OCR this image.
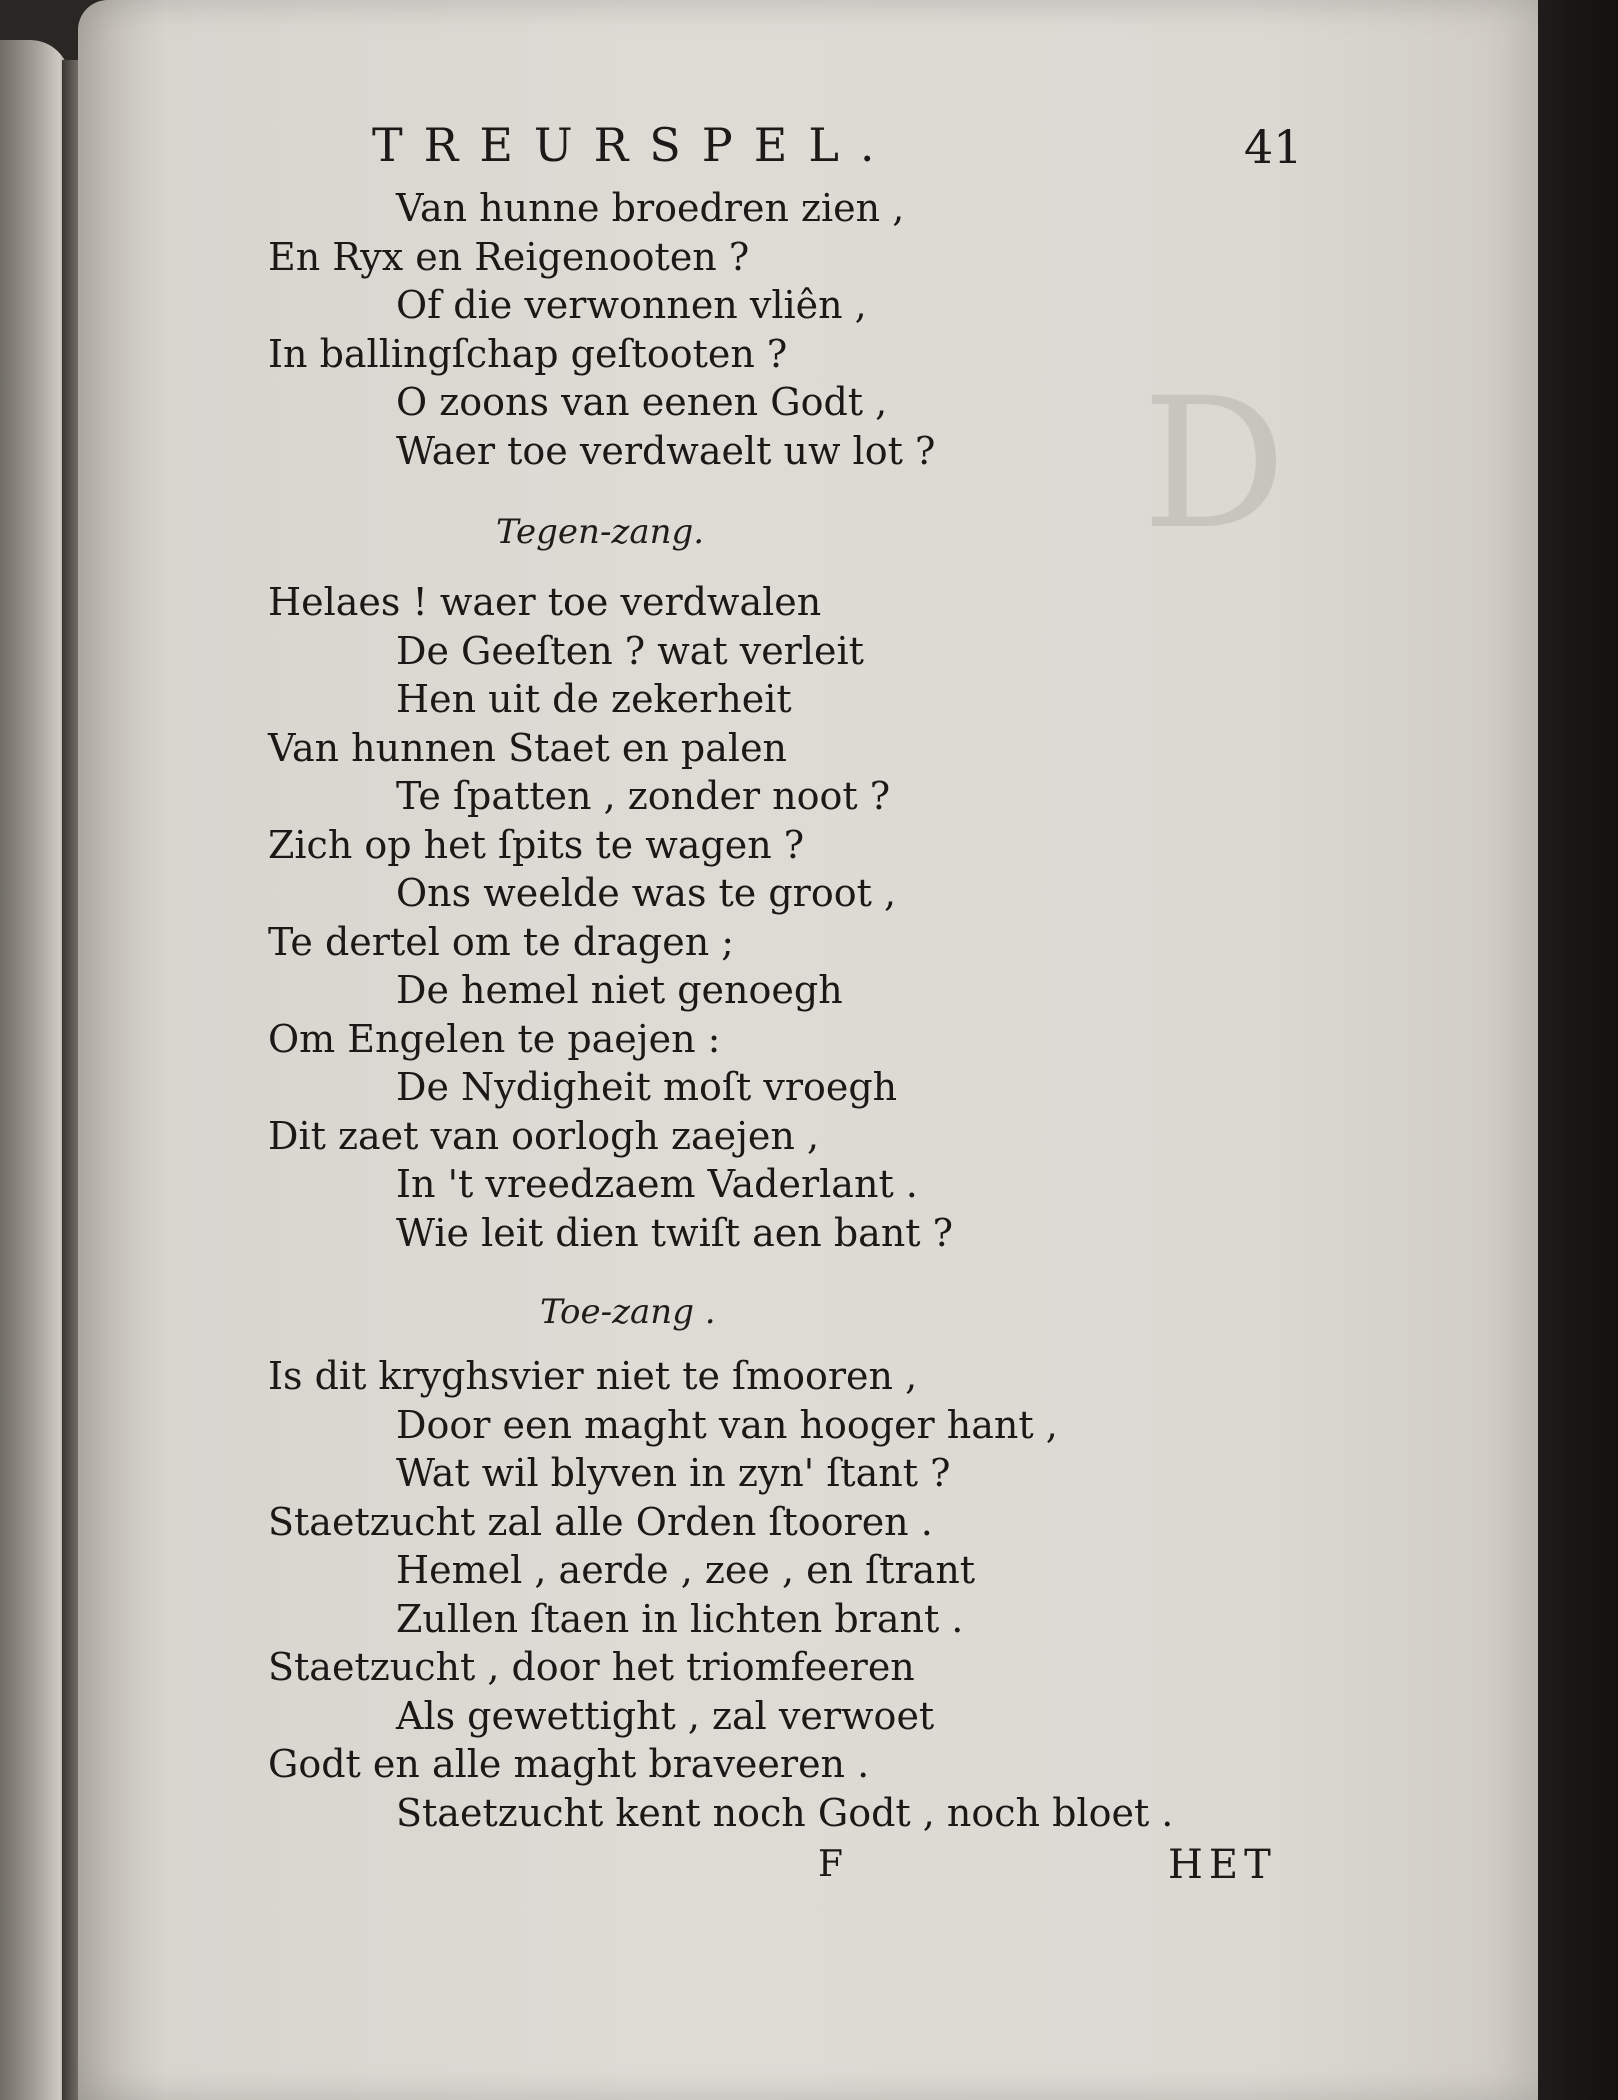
D
TREURSPEL.	41
Van hunne broedren zien ,
En Ryx en Reigenooten ?
Of die verwonnen vliên ,
In ballingſchap geſtooten ?
O zoons van eenen Godt ,
Waer toe verdwaelt uw lot ?
Tegen-zang.
Helaes ! waer toe verdwalen
De Geeſten ? wat verleit
Hen uit de zekerheit
Van hunnen Staet en palen
Te ſpatten , zonder noot ?
Zich op het ſpits te wagen ?
Ons weelde was te groot ,
Te dertel om te dragen ;
De hemel niet genoegh
Om Engelen te paejen :
De Nydigheit moſt vroegh
Dit zaet van oorlogh zaejen ,
In 't vreedzaem Vaderlant .
Wie leit dien twiſt aen bant ?
Toe-zang .
Is dit kryghsvier niet te ſmooren ,
Door een maght van hooger hant ,
Wat wil blyven in zyn' ſtant ?
Staetzucht zal alle Orden ſtooren .
Hemel , aerde , zee , en ſtrant
Zullen ſtaen in lichten brant .
Staetzucht , door het triomfeeren
Als gewettight , zal verwoet
Godt en alle maght braveeren .
Staetzucht kent noch Godt , noch bloet .
F	HET
